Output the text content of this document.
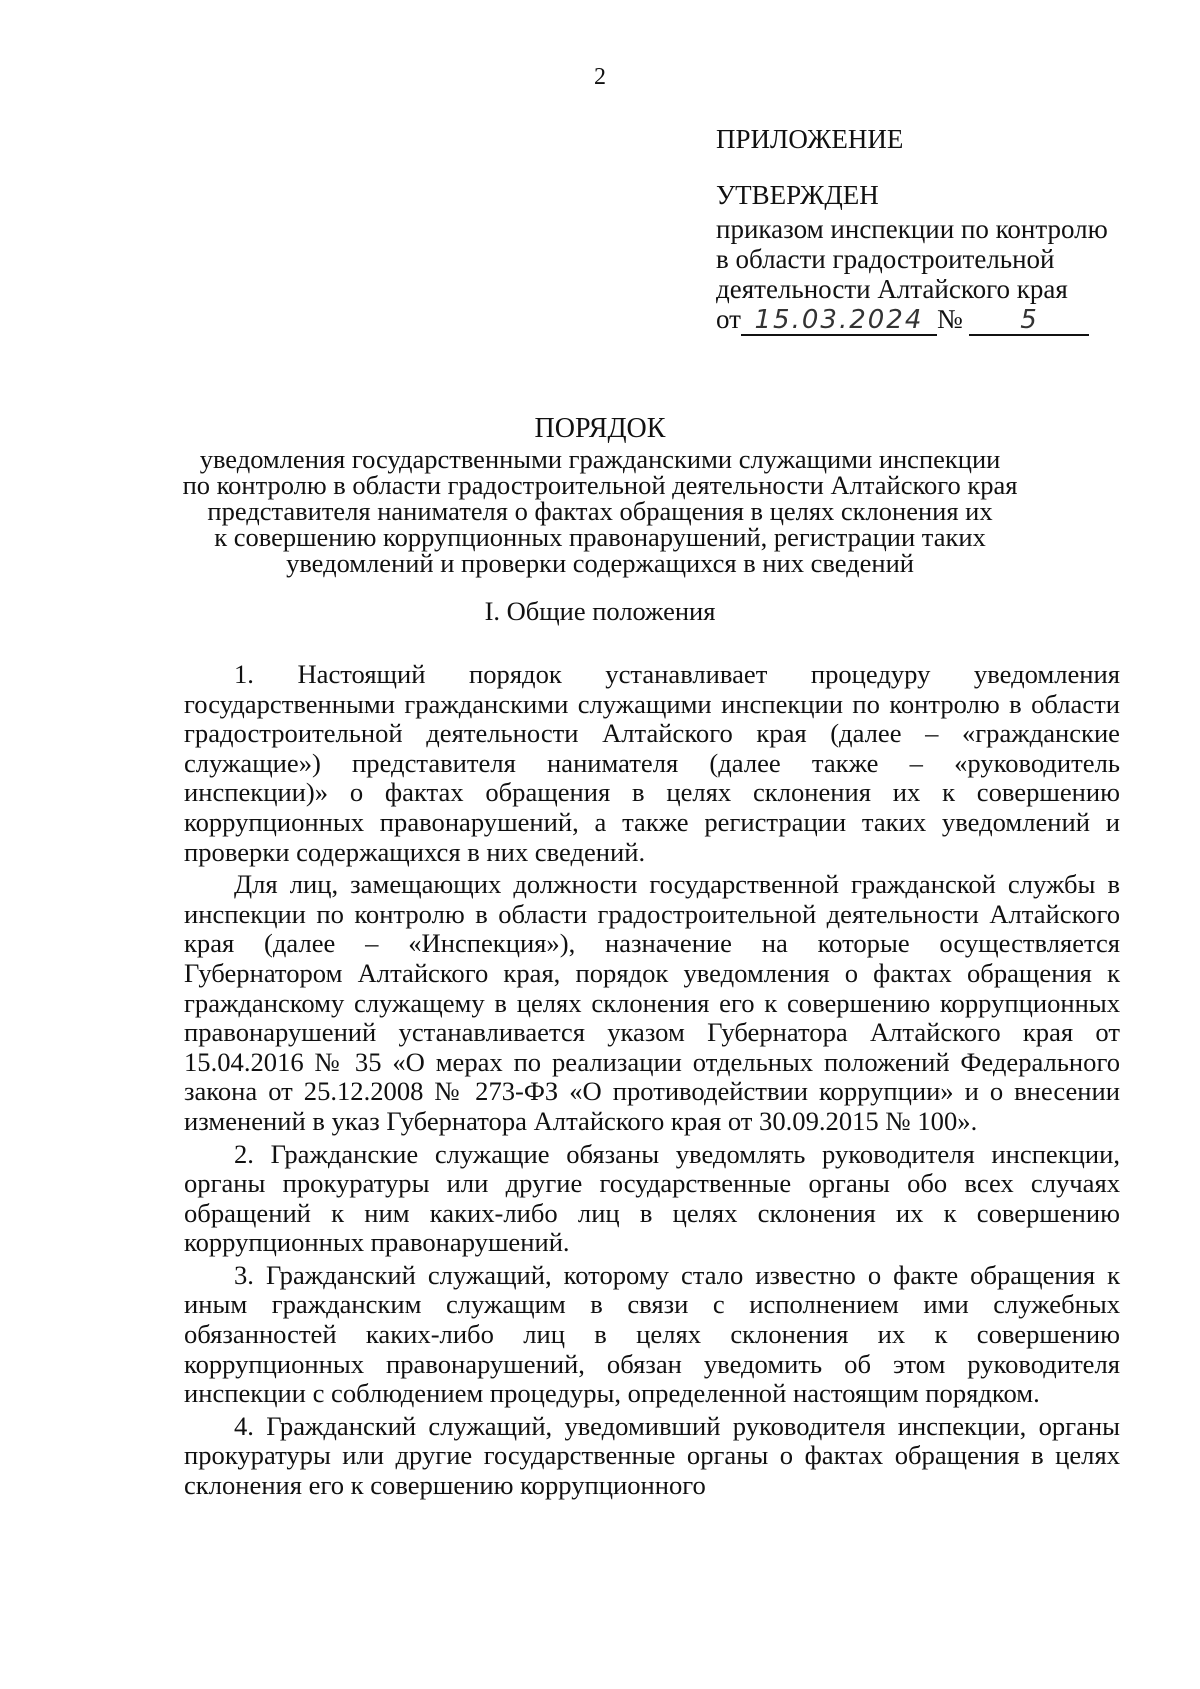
2
ПРИЛОЖЕНИЕ
УТВЕРЖДЕН
приказом инспекции по контролю
в области градостроительной
деятельности Алтайского края
от 15.03.2024 № 5
ПОРЯДОК
уведомления государственными гражданскими служащими инспекции
по контролю в области градостроительной деятельности Алтайского края
представителя нанимателя о фактах обращения в целях склонения их
к совершению коррупционных правонарушений, регистрации таких
уведомлений и проверки содержащихся в них сведений
I. Общие положения

1. Настоящий порядок устанавливает процедуру уведомления государственными гражданскими служащими инспекции по контролю в области градостроительной деятельности Алтайского края (далее – «гражданские служащие») представителя нанимателя (далее также – «руководитель инспекции)» о фактах обращения в целях склонения их к совершению коррупционных правонарушений, а также регистрации таких уведомлений и проверки содержащихся в них сведений.

Для лиц, замещающих должности государственной гражданской службы в инспекции по контролю в области градостроительной деятельности Алтайского края (далее – «Инспекция»), назначение на которые осуществляется Губернатором Алтайского края, порядок уведомления о фактах обращения к гражданскому служащему в целях склонения его к совершению коррупционных правонарушений устанавливается указом Губернатора Алтайского края от 15.04.2016 № 35 «О мерах по реализации отдельных положений Федерального закона от 25.12.2008 № 273-ФЗ «О противодействии коррупции» и о внесении изменений в указ Губернатора Алтайского края от 30.09.2015 № 100».

2. Гражданские служащие обязаны уведомлять руководителя инспекции, органы прокуратуры или другие государственные органы обо всех случаях обращений к ним каких-либо лиц в целях склонения их к совершению коррупционных правонарушений.

3. Гражданский служащий, которому стало известно о факте обращения к иным гражданским служащим в связи с исполнением ими служебных обязанностей каких-либо лиц в целях склонения их к совершению коррупционных правонарушений, обязан уведомить об этом руководителя инспекции с соблюдением процедуры, определенной настоящим порядком.

4. Гражданский служащий, уведомивший руководителя инспекции, органы прокуратуры или другие государственные органы о фактах обращения в целях склонения его к совершению коррупционного
